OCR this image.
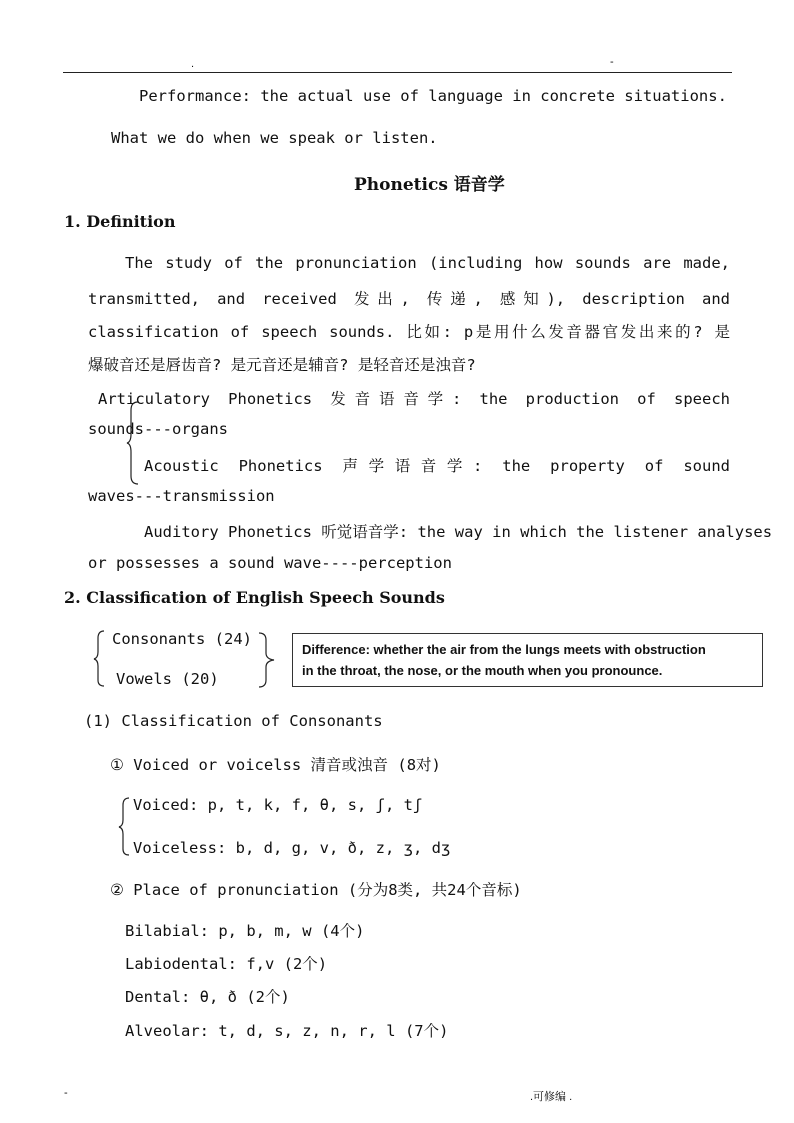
.	-
Performance: the actual use of language in concrete situations.
What we do when we speak or listen.
Phonetics 语音学
1. Definition
The study of the pronunciation (including how sounds are made,
transmitted, and received 发出, 传递, 感知), description and
classification of speech sounds. 比如: p是用什么发音器官发出来的? 是
爆破音还是唇齿音? 是元音还是辅音? 是轻音还是浊音?
Articulatory Phonetics 发音语音学: the production of speech
sounds---organs
Acoustic Phonetics 声学语音学: the property of sound
waves---transmission
Auditory Phonetics 听觉语音学: the way in which the listener analyses
or possesses a sound wave----perception
2. Classification of English Speech Sounds
Consonants (24)
Vowels (20)
Difference: whether the air from the lungs meets with obstruction
in the throat, the nose, or the mouth when you pronounce.
(1) Classification of Consonants
① Voiced or voicelss 清音或浊音 (8对)
Voiced: p, t, k, f, θ, s, ʃ, tʃ
Voiceless: b, d, g, v, ð, z, ʒ, dʒ
② Place of pronunciation (分为8类, 共24个音标)
Bilabial: p, b, m, w (4个)
Labiodental: f,v (2个)
Dental: θ, ð (2个)
Alveolar: t, d, s, z, n, r, l (7个)
-	.可修编 .
